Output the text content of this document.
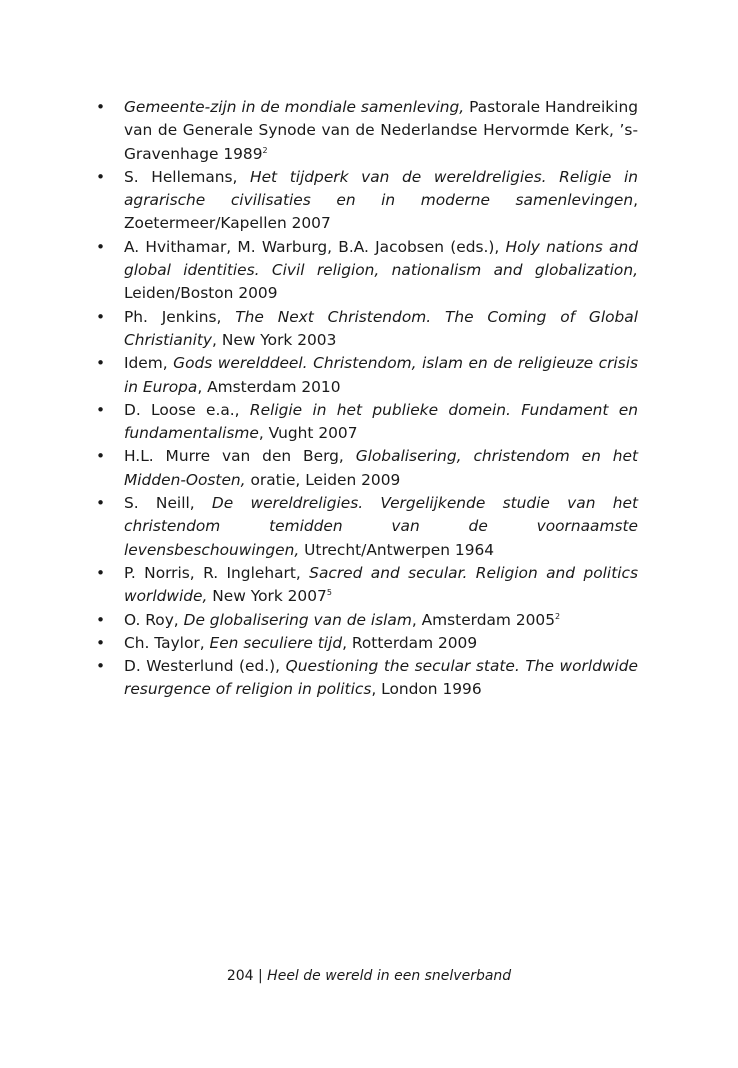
• Gemeente-zijn in de mondiale samenleving, Pastorale Handreiking van de Generale Synode van de Nederlandse Hervormde Kerk, ’s-Gravenhage 1989$^2$
• S. Hellemans, Het tijdperk van de wereldreligies. Religie in agrarische civilisaties en in moderne samenlevingen, Zoetermeer/Kapellen 2007
• A. Hvithamar, M. Warburg, B.A. Jacobsen (eds.), Holy nations and global identities. Civil religion, nationalism and globalization, Leiden/Boston 2009
• Ph. Jenkins, The Next Christendom. The Coming of Global Christianity, New York 2003
• Idem, Gods werelddeel. Christendom, islam en de religieuze crisis in Europa, Amsterdam 2010
• D. Loose e.a., Religie in het publieke domein. Fundament en fundamentalisme, Vught 2007
• H.L. Murre van den Berg, Globalisering, christendom en het Midden-Oosten, oratie, Leiden 2009
• S. Neill, De wereldreligies. Vergelijkende studie van het christendom temidden van de voornaamste levensbeschouwingen, Utrecht/Antwerpen 1964
• P. Norris, R. Inglehart, Sacred and secular. Religion and politics worldwide, New York 2007$^5$
• O. Roy, De globalisering van de islam, Amsterdam 2005$^2$
• Ch. Taylor, Een seculiere tijd, Rotterdam 2009
• D. Westerlund (ed.), Questioning the secular state. The worldwide resurgence of religion in politics, London 1996
204 | Heel de wereld in een snelverband
